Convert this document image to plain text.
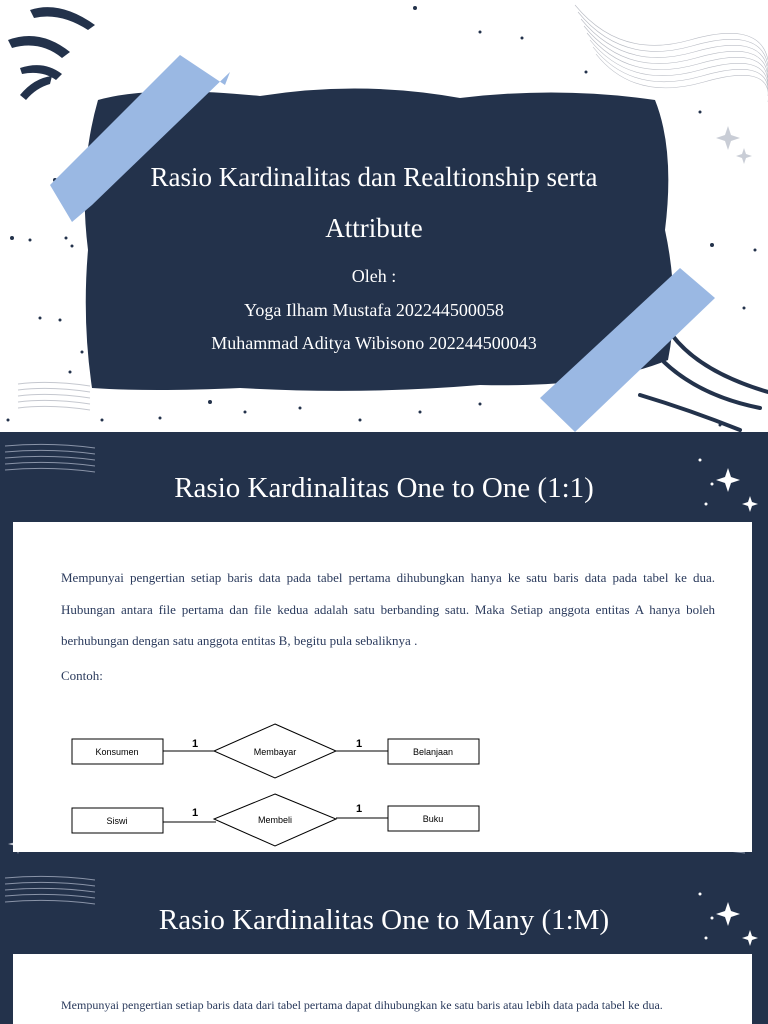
Rasio Kardinalitas dan Realtionship serta
Attribute
Oleh :
Yoga Ilham Mustafa 202244500058
Muhammad Aditya Wibisono 202244500043
Rasio Kardinalitas One to One (1:1)

Mempunyai pengertian setiap baris data pada tabel pertama dihubungkan hanya ke satu baris data pada tabel ke dua. Hubungan antara file pertama dan file kedua adalah satu berbanding satu. Maka Setiap anggota entitas A hanya boleh berhubungan dengan satu anggota entitas B, begitu pula sebaliknya .

Contoh:
Konsumen	Membayar	Belanjaan
1	1
Siswi	Membeli	Buku
1	1
Rasio Kardinalitas One to Many (1:M)

Mempunyai pengertian setiap baris data dari tabel pertama dapat dihubungkan ke satu baris atau lebih data pada tabel ke dua.
